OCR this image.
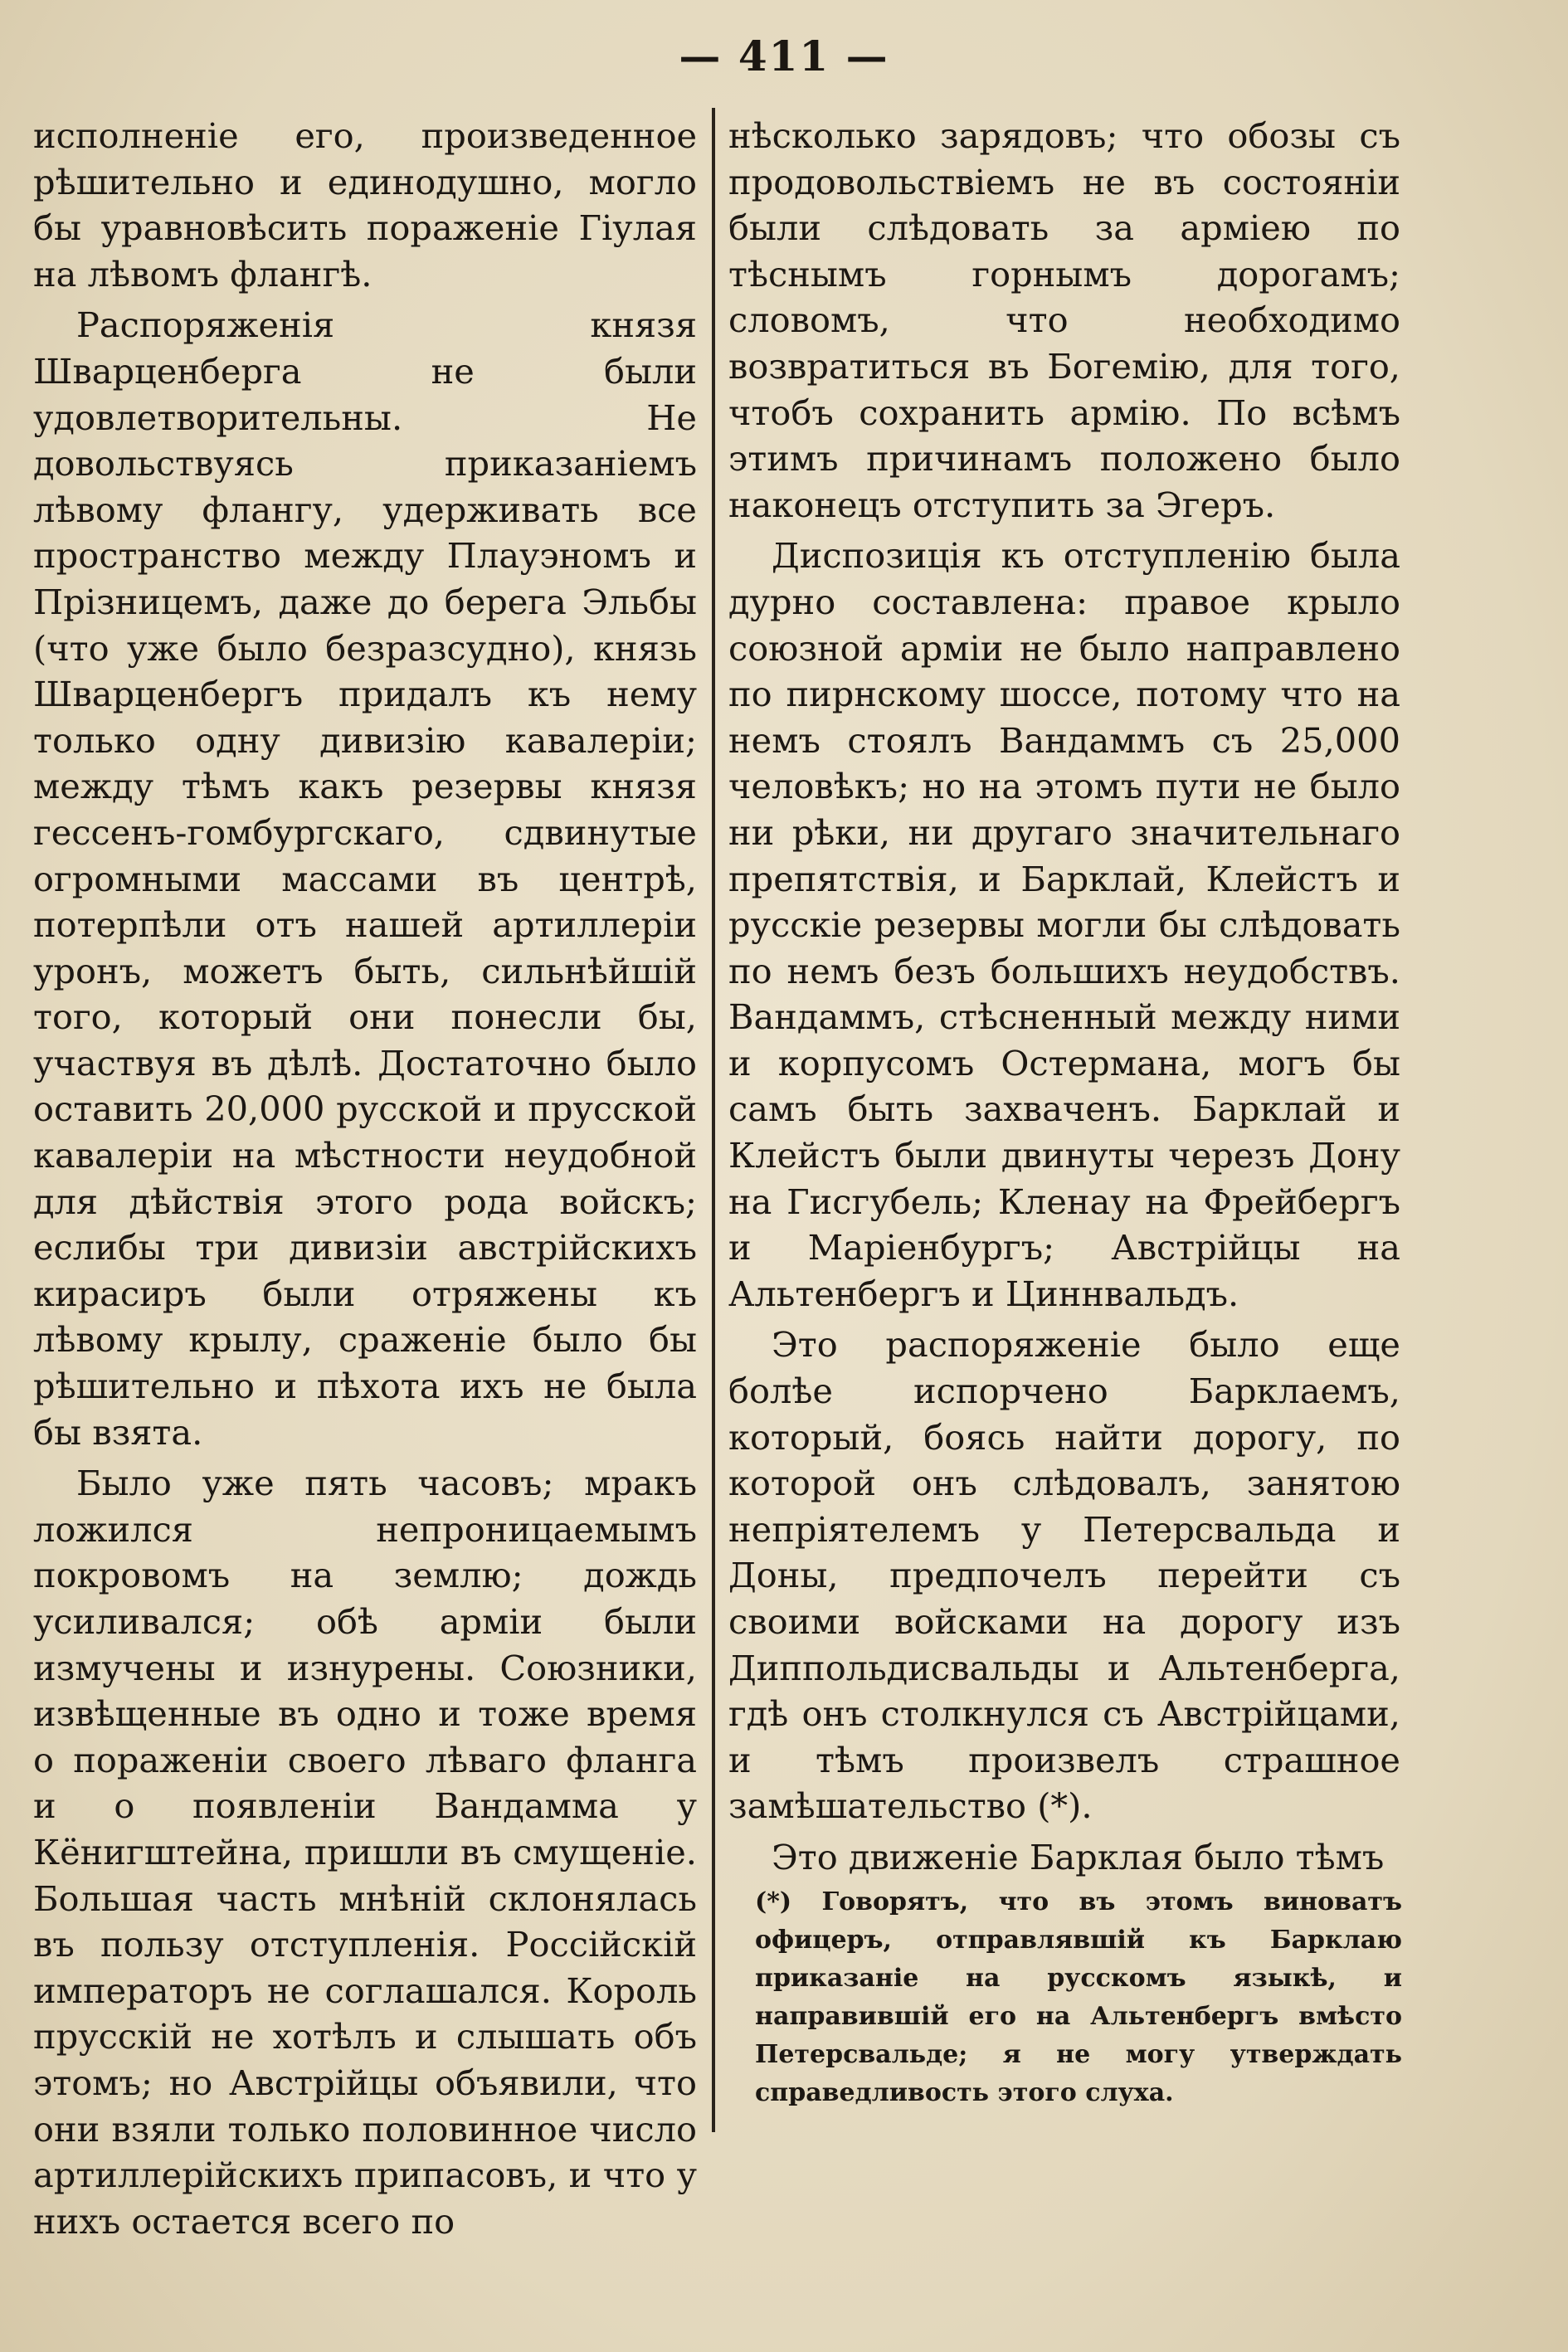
— 411 —

исполненіе его, произведенное рѣшительно и единодушно, могло бы уравновѣсить пораженіе Гіулая на лѣвомъ флангѣ.

Распоряженія князя Шварценберга не были удовлетворительны. Не довольствуясь приказаніемъ лѣвому флангу, удерживать все пространство между Плауэномъ и Прізницемъ, даже до берега Эльбы (что уже было безразсудно), князь Шварценбергъ придалъ къ нему только одну дивизію кавалеріи; между тѣмъ какъ резервы князя гессенъ-гомбургскаго, сдвинутые огромными массами въ центрѣ, потерпѣли отъ нашей артиллеріи уронъ, можетъ быть, сильнѣйшій того, который они понесли бы, участвуя въ дѣлѣ. Достаточно было оставить 20,000 русской и прусской кавалеріи на мѣстности неудобной для дѣйствія этого рода войскъ; еслибы три дивизіи австрійскихъ кирасиръ были отряжены къ лѣвому крылу, сраженіе было бы рѣшительно и пѣхота ихъ не была бы взята.

Было уже пять часовъ; мракъ ложился непроницаемымъ покровомъ на землю; дождь усиливался; обѣ арміи были измучены и изнурены. Союзники, извѣщенные въ одно и тоже время о пораженіи своего лѣваго фланга и о появленіи Вандамма у Кёнигштейна, пришли въ смущеніе. Большая часть мнѣній склонялась въ пользу отступленія. Россійскій императоръ не соглашался. Король прусскій не хотѣлъ и слышать объ этомъ; но Австрійцы объявили, что они взяли только половинное число артиллерійскихъ припасовъ, и что у нихъ остается всего по

нѣсколько зарядовъ; что обозы съ продовольствіемъ не въ состояніи были слѣдовать за арміею по тѣснымъ горнымъ дорогамъ; словомъ, что необходимо возвратиться въ Богемію, для того, чтобъ сохранить армію. По всѣмъ этимъ причинамъ положено было наконецъ отступить за Эгеръ.

Диспозиція къ отступленію была дурно составлена: правое крыло союзной арміи не было направлено по пирнскому шоссе, потому что на немъ стоялъ Вандаммъ съ 25,000 человѣкъ; но на этомъ пути не было ни рѣки, ни другаго значительнаго препятствія, и Барклай, Клейстъ и русскіе резервы могли бы слѣдовать по немъ безъ большихъ неудобствъ. Вандаммъ, стѣсненный между ними и корпусомъ Остермана, могъ бы самъ быть захваченъ. Барклай и Клейстъ были двинуты черезъ Дону на Гисгубель; Кленау на Фрейбергъ и Маріенбургъ; Австрійцы на Альтенбергъ и Циннвальдъ.

Это распоряженіе было еще болѣе испорчено Барклаемъ, который, боясь найти дорогу, по которой онъ слѣдовалъ, занятою непріятелемъ у Петерсвальда и Доны, предпочелъ перейти съ своими войсками на дорогу изъ Диппольдисвальды и Альтенберга, гдѣ онъ столкнулся съ Австрійцами, и тѣмъ произвелъ страшное замѣшательство (*).

Это движеніе Барклая было тѣмъ

(*) Говорятъ, что въ этомъ виноватъ офицеръ, отправлявшій къ Барклаю приказаніе на русскомъ языкѣ, и направившій его на Альтенбергъ вмѣсто Петерсвальде; я не могу утверждать справедливость этого слуха.
